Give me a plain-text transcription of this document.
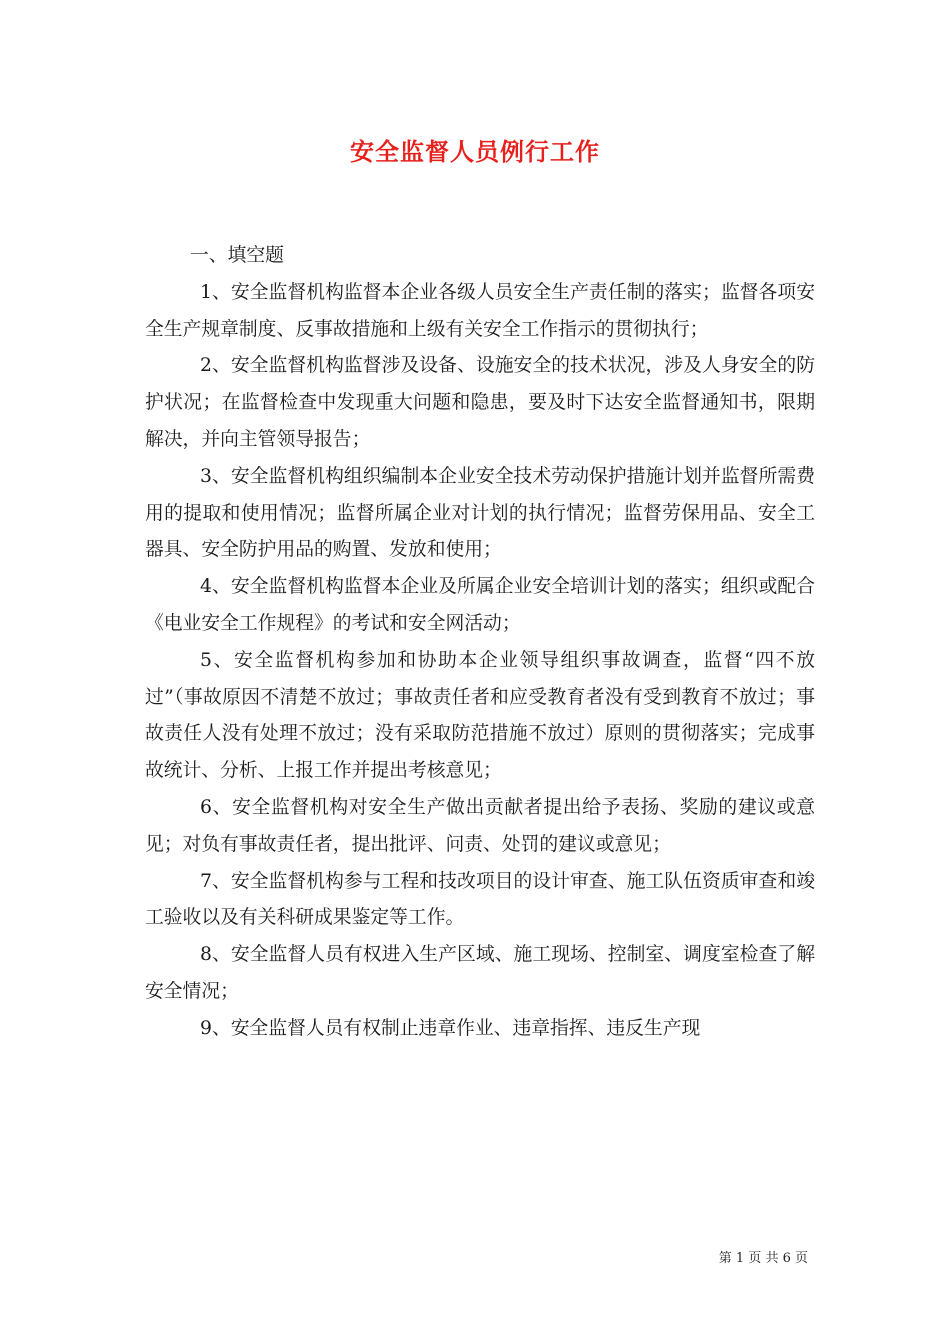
安全监督人员例行工作

一、填空题

1、安全监督机构监督本企业各级人员安全生产责任制的落实；监督各项安全生产规章制度、反事故措施和上级有关安全工作指示的贯彻执行；

2、安全监督机构监督涉及设备、设施安全的技术状况，涉及人身安全的防护状况；在监督检查中发现重大问题和隐患，要及时下达安全监督通知书，限期解决，并向主管领导报告；

3、安全监督机构组织编制本企业安全技术劳动保护措施计划并监督所需费用的提取和使用情况；监督所属企业对计划的执行情况；监督劳保用品、安全工器具、安全防护用品的购置、发放和使用；

4、安全监督机构监督本企业及所属企业安全培训计划的落实；组织或配合《电业安全工作规程》的考试和安全网活动；

5、安全监督机构参加和协助本企业领导组织事故调查，监督“四不放过”（事故原因不清楚不放过；事故责任者和应受教育者没有受到教育不放过；事故责任人没有处理不放过；没有采取防范措施不放过）原则的贯彻落实；完成事故统计、分析、上报工作并提出考核意见；

6、安全监督机构对安全生产做出贡献者提出给予表扬、奖励的建议或意见；对负有事故责任者，提出批评、问责、处罚的建议或意见；

7、安全监督机构参与工程和技改项目的设计审查、施工队伍资质审查和竣工验收以及有关科研成果鉴定等工作。

8、安全监督人员有权进入生产区域、施工现场、控制室、调度室检查了解安全情况；

9、安全监督人员有权制止违章作业、违章指挥、违反生产现

第 1 页 共 6 页
